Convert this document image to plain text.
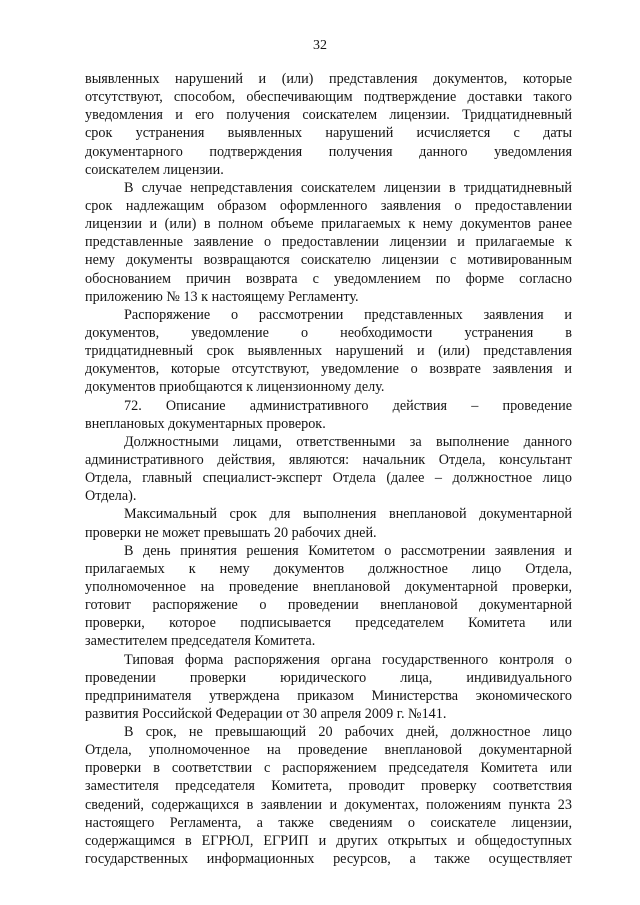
32
выявленных нарушений и (или) представления документов, которые
отсутствуют, способом, обеспечивающим подтверждение доставки такого
уведомления и его получения соискателем лицензии. Тридцатидневный
срок устранения выявленных нарушений исчисляется с даты
документарного подтверждения получения данного уведомления
соискателем лицензии.
В случае непредставления соискателем лицензии в тридцатидневный
срок надлежащим образом оформленного заявления о предоставлении
лицензии и (или) в полном объеме прилагаемых к нему документов ранее
представленные заявление о предоставлении лицензии и прилагаемые к
нему документы возвращаются соискателю лицензии с мотивированным
обоснованием причин возврата с уведомлением по форме согласно
приложению № 13 к настоящему Регламенту.
Распоряжение о рассмотрении представленных заявления и
документов, уведомление о необходимости устранения в
тридцатидневный срок выявленных нарушений и (или) представления
документов, которые отсутствуют, уведомление о возврате заявления и
документов приобщаются к лицензионному делу.
72. Описание административного действия – проведение
внеплановых документарных проверок.
Должностными лицами, ответственными за выполнение данного
административного действия, являются: начальник Отдела, консультант
Отдела, главный специалист-эксперт Отдела (далее – должностное лицо
Отдела).
Максимальный срок для выполнения внеплановой документарной
проверки не может превышать 20 рабочих дней.
В день принятия решения Комитетом о рассмотрении заявления и
прилагаемых к нему документов должностное лицо Отдела,
уполномоченное на проведение внеплановой документарной проверки,
готовит распоряжение о проведении внеплановой документарной
проверки, которое подписывается председателем Комитета или
заместителем председателя Комитета.
Типовая форма распоряжения органа государственного контроля о
проведении проверки юридического лица, индивидуального
предпринимателя утверждена приказом Министерства экономического
развития Российской Федерации от 30 апреля 2009 г. №141.
В срок, не превышающий 20 рабочих дней, должностное лицо
Отдела, уполномоченное на проведение внеплановой документарной
проверки в соответствии с распоряжением председателя Комитета или
заместителя председателя Комитета, проводит проверку соответствия
сведений, содержащихся в заявлении и документах, положениям пункта 23
настоящего Регламента, а также сведениям о соискателе лицензии,
содержащимся в ЕГРЮЛ, ЕГРИП и других открытых и общедоступных
государственных информационных ресурсов, а также осуществляет
